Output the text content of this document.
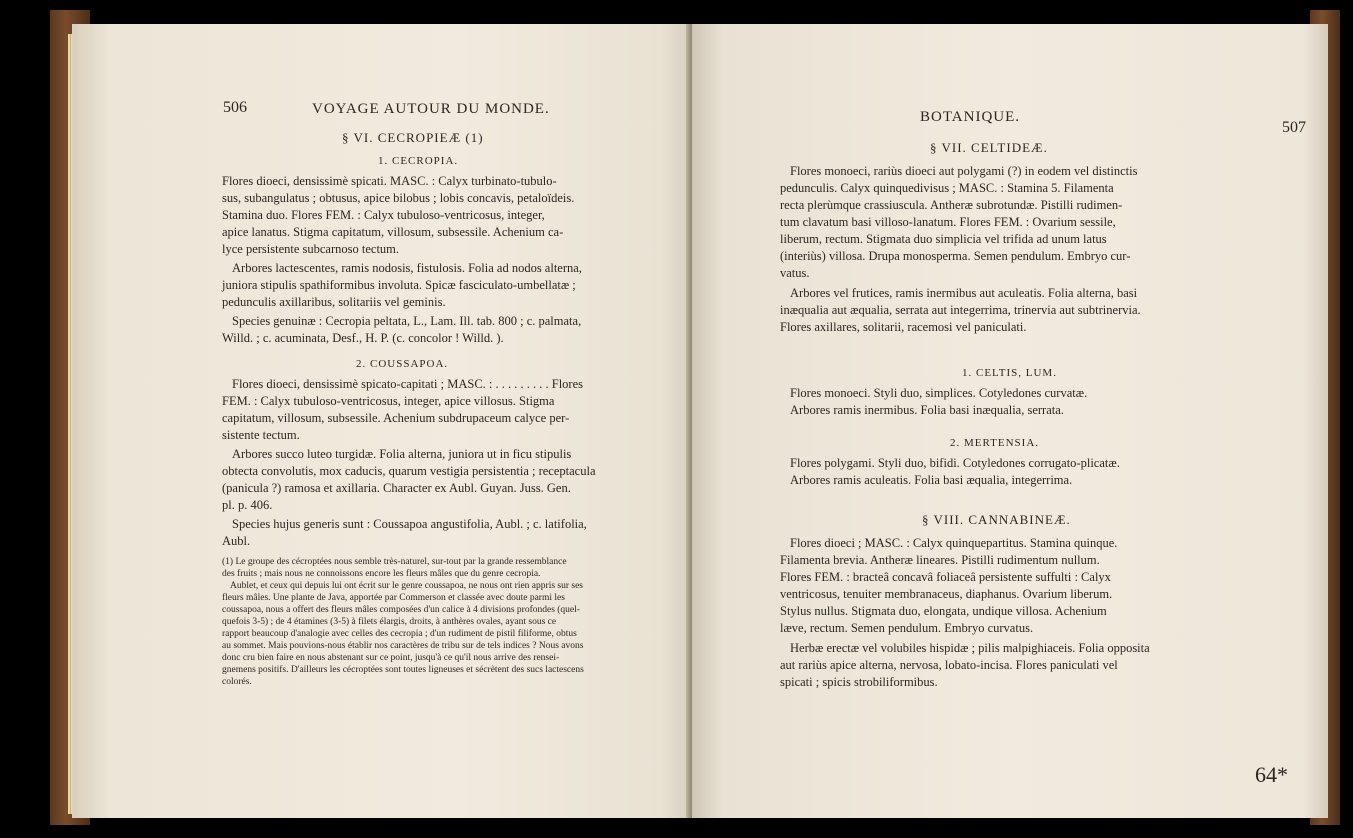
506	VOYAGE AUTOUR DU MONDE.
§ VI. CECROPIEÆ (1)
1. CECROPIA.
Flores dioeci, densissimè spicati. MASC. : Calyx turbinato-tubulo-
sus, subangulatus ; obtusus, apice bilobus ; lobis concavis, petaloïdeis.
Stamina duo. Flores FEM. : Calyx tubuloso-ventricosus, integer,
apice lanatus. Stigma capitatum, villosum, subsessile. Achenium ca-
lyce persistente subcarnoso tectum.
Arbores lactescentes, ramis nodosis, fistulosis. Folia ad nodos alterna,
juniora stipulis spathiformibus involuta. Spicæ fasciculato-umbellatæ ;
pedunculis axillaribus, solitariis vel geminis.
Species genuinæ : Cecropia peltata, L., Lam. Ill. tab. 800 ; c. palmata,
Willd. ; c. acuminata, Desf., H. P. (c. concolor ! Willd. ).
2. COUSSAPOA.
Flores dioeci, densissimè spicato-capitati ; MASC. : . . . . . . . . . Flores
FEM. : Calyx tubuloso-ventricosus, integer, apice villosus. Stigma
capitatum, villosum, subsessile. Achenium subdrupaceum calyce per-
sistente tectum.
Arbores succo luteo turgidæ. Folia alterna, juniora ut in ficu stipulis
obtecta convolutis, mox caducis, quarum vestigia persistentia ; receptacula
(panicula ?) ramosa et axillaria. Character ex Aubl. Guyan. Juss. Gen.
pl. p. 406.
Species hujus generis sunt : Coussapoa angustifolia, Aubl. ; c. latifolia,
Aubl.
(1) Le groupe des cécroptées nous semble très-naturel, sur-tout par la grande ressemblance
des fruits ; mais nous ne connoissons encore les fleurs mâles que du genre cecropia.
Aublet, et ceux qui depuis lui ont écrit sur le genre coussapoa, ne nous ont rien appris sur ses
fleurs mâles. Une plante de Java, apportée par Commerson et classée avec doute parmi les
coussapoa, nous a offert des fleurs mâles composées d'un calice à 4 divisions profondes (quel-
quefois 3-5) ; de 4 étamines (3-5) à filets élargis, droits, à anthères ovales, ayant sous ce
rapport beaucoup d'analogie avec celles des cecropia ; d'un rudiment de pistil filiforme, obtus
au sommet. Mais pouvions-nous établir nos caractères de tribu sur de tels indices ? Nous avons
donc cru bien faire en nous abstenant sur ce point, jusqu'à ce qu'il nous arrive des rensei-
gnemens positifs. D'ailleurs les cécroptées sont toutes ligneuses et sécrètent des sucs lactescens
colorés.
BOTANIQUE.
507
§ VII. CELTIDEÆ.
Flores monoeci, rariùs dioeci aut polygami (?) in eodem vel distinctis
pedunculis. Calyx quinquedivisus ; MASC. : Stamina 5. Filamenta
recta plerùmque crassiuscula. Antheræ subrotundæ. Pistilli rudimen-
tum clavatum basi villoso-lanatum. Flores FEM. : Ovarium sessile,
liberum, rectum. Stigmata duo simplicia vel trifida ad unum latus
(interiùs) villosa. Drupa monosperma. Semen pendulum. Embryo cur-
vatus.
Arbores vel frutices, ramis inermibus aut aculeatis. Folia alterna, basi
inæqualia aut æqualia, serrata aut integerrima, trinervia aut subtrinervia.
Flores axillares, solitarii, racemosi vel paniculati.
1. CELTIS, LUM.
Flores monoeci. Styli duo, simplices. Cotyledones curvatæ.
Arbores ramis inermibus. Folia basi inæqualia, serrata.
2. MERTENSIA.
Flores polygami. Styli duo, bifidi. Cotyledones corrugato-plicatæ.
Arbores ramis aculeatis. Folia basi æqualia, integerrima.
§ VIII. CANNABINEÆ.
Flores dioeci ; MASC. : Calyx quinquepartitus. Stamina quinque.
Filamenta brevia. Antheræ lineares. Pistilli rudimentum nullum.
Flores FEM. : bracteâ concavâ foliaceâ persistente suffulti : Calyx
ventricosus, tenuiter membranaceus, diaphanus. Ovarium liberum.
Stylus nullus. Stigmata duo, elongata, undique villosa. Achenium
læve, rectum. Semen pendulum. Embryo curvatus.
Herbæ erectæ vel volubiles hispidæ ; pilis malpighiaceis. Folia opposita
aut rariùs apice alterna, nervosa, lobato-incisa. Flores paniculati vel
spicati ; spicis strobiliformibus.
64*
